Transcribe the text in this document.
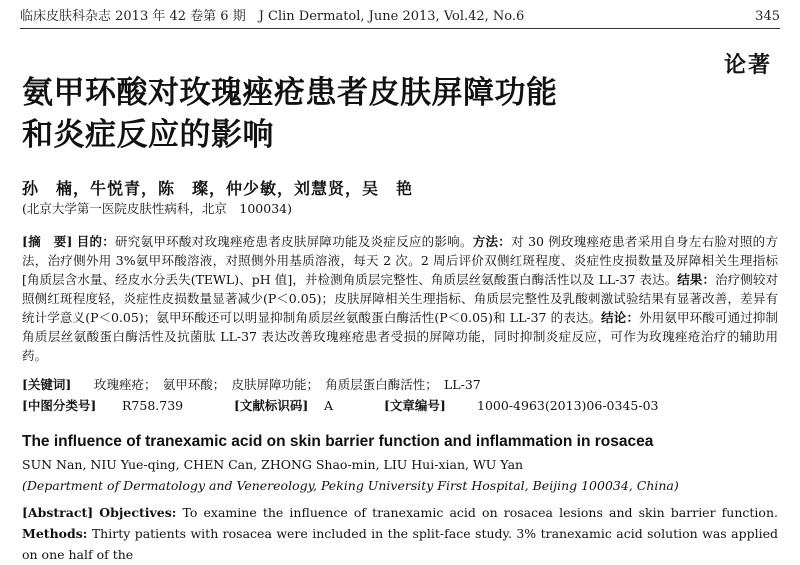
临床皮肤科杂志 2013 年 42 卷第 6 期　J Clin Dermatol, June 2013, Vol.42, No.6	345
论著
氨甲环酸对玫瑰痤疮患者皮肤屏障功能
和炎症反应的影响
孙　楠，牛悦青，陈　璨，仲少敏，刘慧贤，吴　艳
(北京大学第一医院皮肤性病科，北京　100034)
[摘　要] 目的：研究氨甲环酸对玫瑰痤疮患者皮肤屏障功能及炎症反应的影响。方法：对 30 例玫瑰痤疮患者采用自身左右脸对照的方法，治疗侧外用 3%氨甲环酸溶液，对照侧外用基质溶液，每天 2 次。2 周后评价双侧红斑程度、炎症性皮损数量及屏障相关生理指标[角质层含水量、经皮水分丢失(TEWL)、pH 值]，并检测角质层完整性、角质层丝氨酸蛋白酶活性以及 LL-37 表达。结果：治疗侧较对照侧红斑程度轻，炎症性皮损数量显著减少(P＜0.05)；皮肤屏障相关生理指标、角质层完整性及乳酸刺激试验结果有显著改善，差异有统计学意义(P＜0.05)；氨甲环酸还可以明显抑制角质层丝氨酸蛋白酶活性(P＜0.05)和 LL-37 的表达。结论：外用氨甲环酸可通过抑制角质层丝氨酸蛋白酶活性及抗菌肽 LL-37 表达改善玫瑰痤疮患者受损的屏障功能，同时抑制炎症反应，可作为玫瑰痤疮治疗的辅助用药。
[关键词] 玫瑰痤疮；　氨甲环酸；　皮肤屏障功能；　角质层蛋白酶活性；　LL-37
[中图分类号] R758.739	[文献标识码] A	[文章编号] 1000-4963(2013)06-0345-03
The influence of tranexamic acid on skin barrier function and inflammation in rosacea
SUN Nan, NIU Yue-qing, CHEN Can, ZHONG Shao-min, LIU Hui-xian, WU Yan
(Department of Dermatology and Venereology, Peking University First Hospital, Beijing 100034, China)
[Abstract] Objectives: To examine the influence of tranexamic acid on rosacea lesions and skin barrier function. Methods: Thirty patients with rosacea were included in the split-face study. 3% tranexamic acid solution was applied on one half of the
